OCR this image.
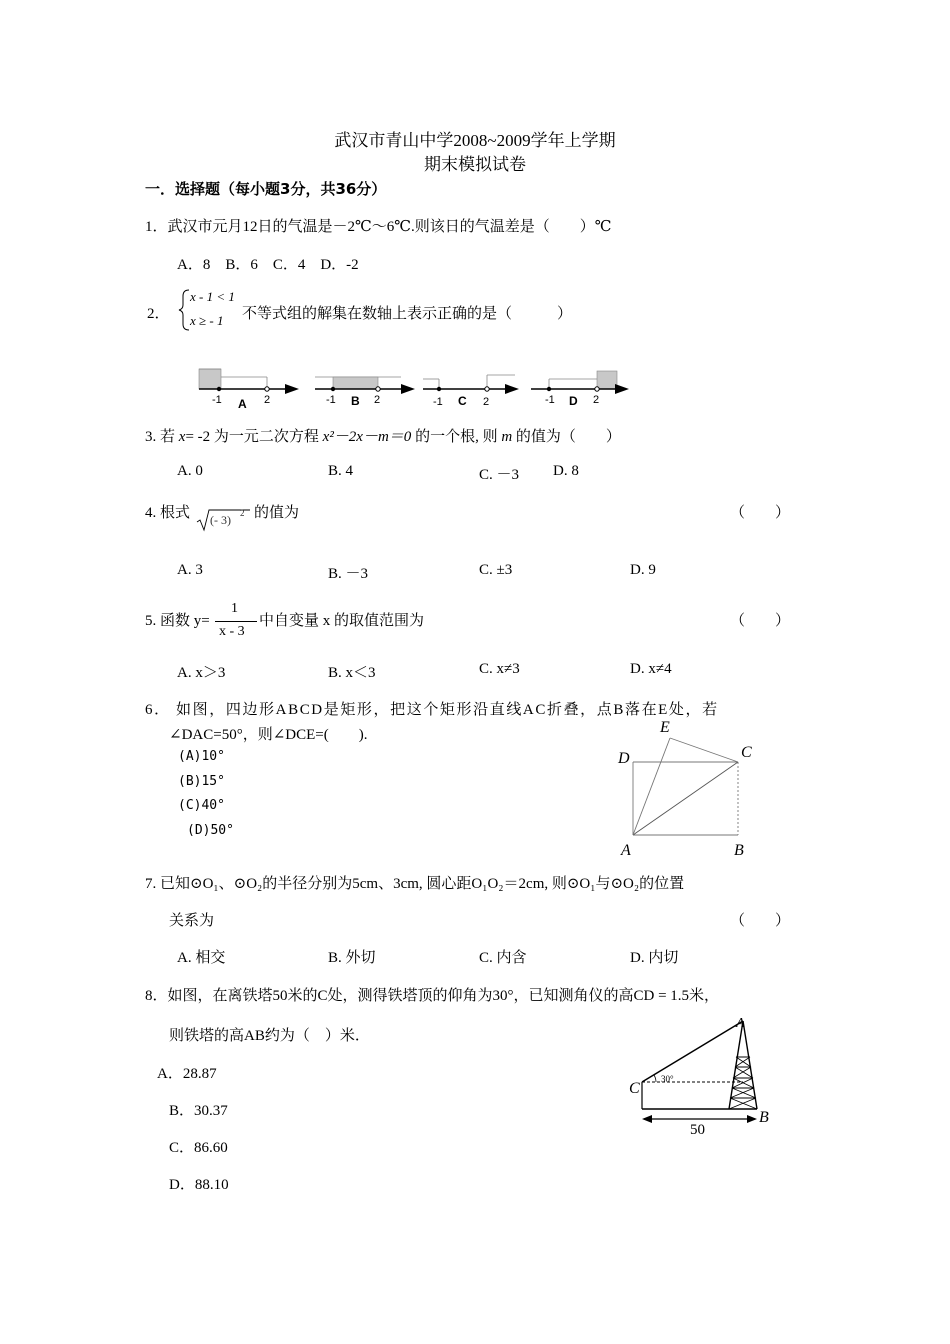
武汉市青山中学2008~2009学年上学期
期末模拟试卷
一．选择题（每小题3分，共36分）
1．武汉市元月12日的气温是－2℃～6℃.则该日的气温差是（　　）℃
A．8　B．6　C．4　D．-2
2．
x - 1 < 1
x ≥ - 1 不等式组的解集在数轴上表示正确的是（　　　）
-1 A 2	-1 B 2	-1 C 2	-1 D 2
3. 若 x= -2 为一元二次方程 x²－2x－m＝0 的一个根, 则 m 的值为（　　）
A. 0	B. 4	C. －3 D. 8
4. 根式 (- 3) 2 的值为	（　　）
A. 3	B. －3	C. ±3	D. 9
5. 函数 y=
1
x - 3
中自变量 x 的取值范围为	（　　）
A. x＞3	B. x＜3	C. x≠3	D. x≠4
6． 如图，四边形ABCD是矩形，把这个矩形沿直线AC折叠，点B落在E处，若
∠DAC=50°，则∠DCE=(　　).
(A)10°
(B)15°
(C)40°
(D)50°
E
D	C
A	B
7. 已知⊙O₁、⊙O₂的半径分别为5cm、3cm, 圆心距O₁O₂＝2cm, 则⊙O₁与⊙O₂的位置
关系为	（　　）
A. 相交	B. 外切	C. 内含	D. 内切
8．如图，在离铁塔50米的C处，测得铁塔顶的仰角为30°，已知测角仪的高CD = 1.5米，
则铁塔的高AB约为（　）米．
A．28.87
B．30.37
C．86.60
D．88.10
A
C
B
30°
50
